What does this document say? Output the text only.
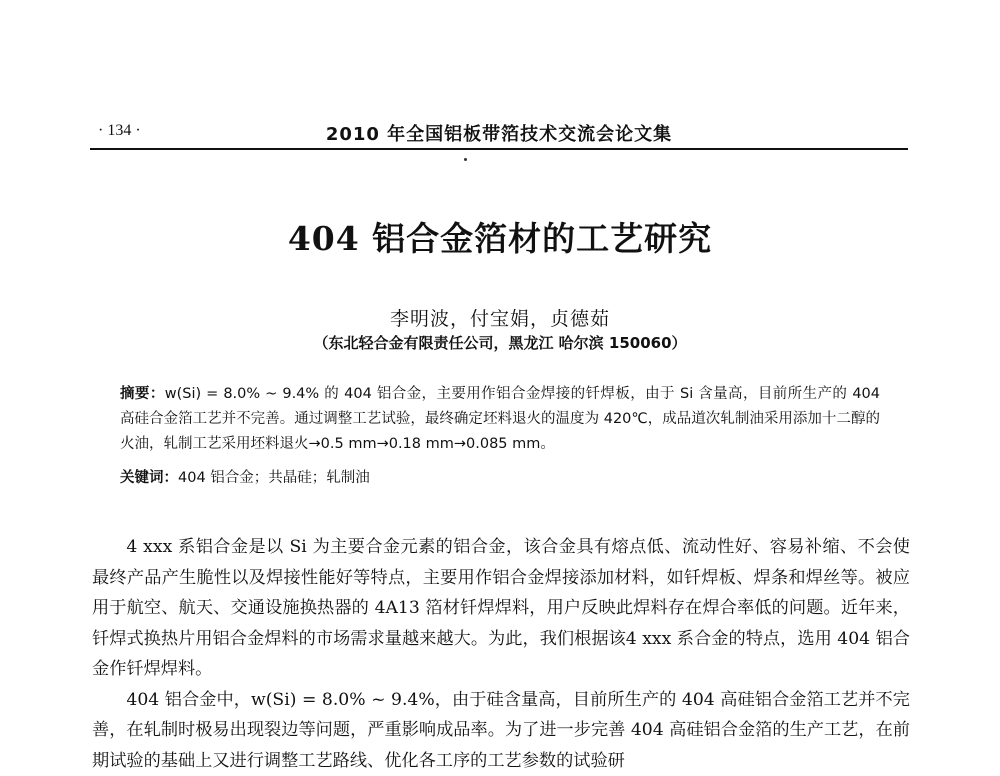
· 134 ·	2010 年全国铝板带箔技术交流会论文集
404 铝合金箔材的工艺研究
李明波，付宝娟，贞德茹
（东北轻合金有限责任公司，黑龙江 哈尔滨 150060）
摘要：w(Si) = 8.0% ~ 9.4% 的 404 铝合金，主要用作铝合金焊接的钎焊板，由于 Si 含量高，目前所生产的 404 高硅合金箔工艺并不完善。通过调整工艺试验，最终确定坯料退火的温度为 420℃，成品道次轧制油采用添加十二醇的火油，轧制工艺采用坯料退火→0.5 mm→0.18 mm→0.085 mm。
关键词：404 铝合金；共晶硅；轧制油

4 xxx 系铝合金是以 Si 为主要合金元素的铝合金，该合金具有熔点低、流动性好、容易补缩、不会使最终产品产生脆性以及焊接性能好等特点，主要用作铝合金焊接添加材料，如钎焊板、焊条和焊丝等。被应用于航空、航天、交通设施换热器的 4A13 箔材钎焊焊料，用户反映此焊料存在焊合率低的问题。近年来，钎焊式换热片用铝合金焊料的市场需求量越来越大。为此，我们根据该4 xxx 系合金的特点，选用 404 铝合金作钎焊焊料。

404 铝合金中，w(Si) = 8.0% ~ 9.4%，由于硅含量高，目前所生产的 404 高硅铝合金箔工艺并不完善，在轧制时极易出现裂边等问题，严重影响成品率。为了进一步完善 404 高硅铝合金箔的生产工艺，在前期试验的基础上又进行调整工艺路线、优化各工序的工艺参数的试验研
